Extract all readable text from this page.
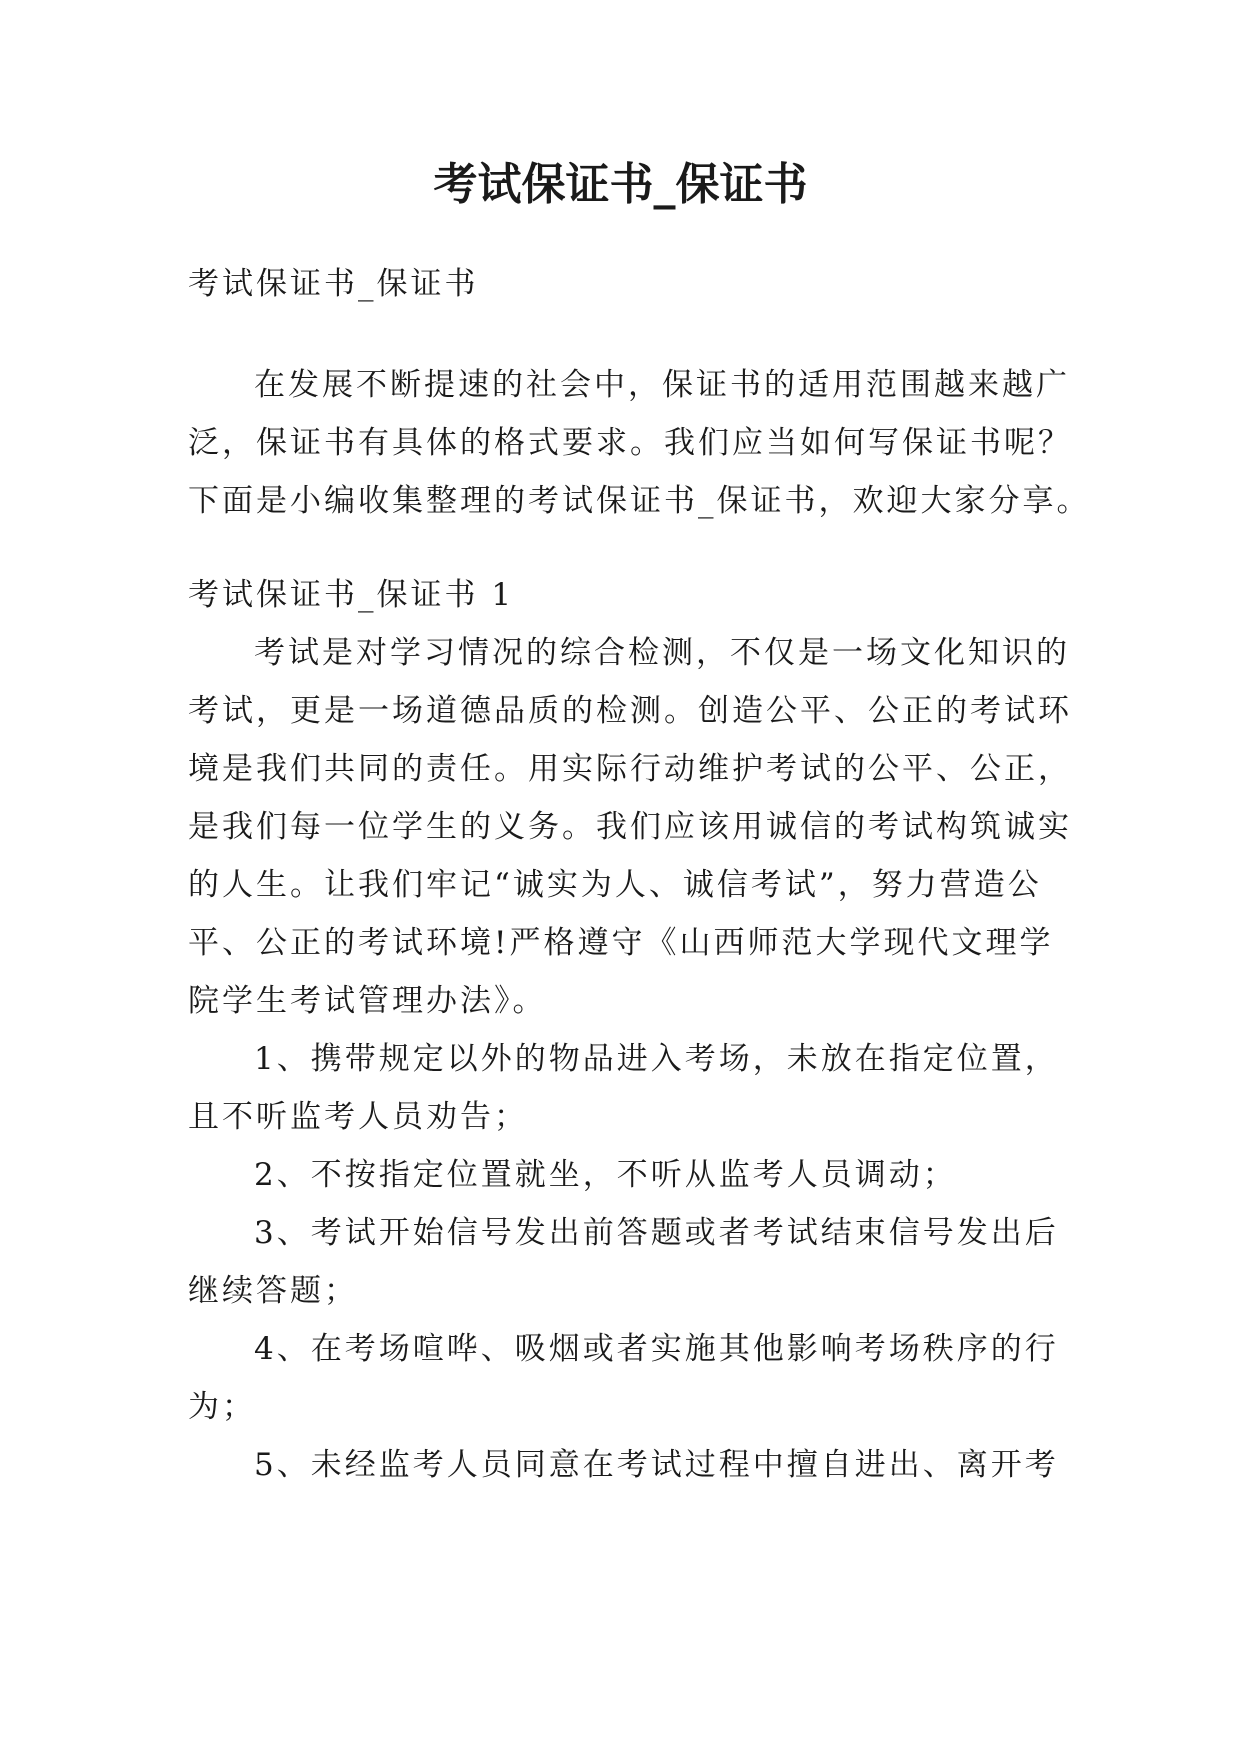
考试保证书_保证书
考试保证书_保证书
在发展不断提速的社会中，保证书的适用范围越来越广
泛，保证书有具体的格式要求。我们应当如何写保证书呢？
下面是小编收集整理的考试保证书_保证书，欢迎大家分享。
考试保证书_保证书 1
考试是对学习情况的综合检测，不仅是一场文化知识的
考试，更是一场道德品质的检测。创造公平、公正的考试环
境是我们共同的责任。用实际行动维护考试的公平、公正，
是我们每一位学生的义务。我们应该用诚信的考试构筑诚实
的人生。让我们牢记“诚实为人、诚信考试”，努力营造公
平、公正的考试环境!严格遵守《山西师范大学现代文理学
院学生考试管理办法》。
1、携带规定以外的物品进入考场，未放在指定位置，
且不听监考人员劝告；
2、不按指定位置就坐，不听从监考人员调动；
3、考试开始信号发出前答题或者考试结束信号发出后
继续答题；
4、在考场喧哗、吸烟或者实施其他影响考场秩序的行
为；
5、未经监考人员同意在考试过程中擅自进出、离开考
